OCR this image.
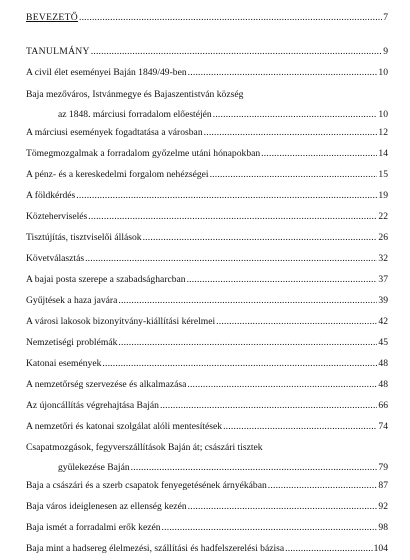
BEVEZETŐ .....	7
TANULMÁNY .....	9
A civil élet eseményei Baján 1849/49-ben .....	10
Baja mezőváros, Istvánmegye és Bajaszentistván község
az 1848. márciusi forradalom előestéjén .....	10
A márciusi események fogadtatása a városban .....	12
Tömegmozgalmak a forradalom győzelme utáni hónapokban .....	14
A pénz- és a kereskedelmi forgalom nehézségei .....	15
A földkérdés .....	19
Közteherviselés .....	22
Tisztújítás, tisztviselői állások .....	26
Követválasztás .....	32
A bajai posta szerepe a szabadságharcban .....	37
Gyűjtések a haza javára .....	39
A városi lakosok bizonyítvány-kiállítási kérelmei .....	42
Nemzetiségi problémák .....	45
Katonai események .....	48
A nemzetőrség szervezése és alkalmazása .....	48
Az újoncállítás végrehajtása Baján .....	66
A nemzetőri és katonai szolgálat alóli mentesítések .....	74
Csapatmozgások, fegyverszállítások Baján át; császári tisztek
gyülekezése Baján .....	79
Baja a császári és a szerb csapatok fenyegetésének árnyékában .....	87
Baja város ideiglenesen az ellenség kezén .....	92
Baja ismét a forradalmi erők kezén .....	98
Baja mint a hadsereg élelmezési, szállítási és hadfelszerelési bázisa .....	104
